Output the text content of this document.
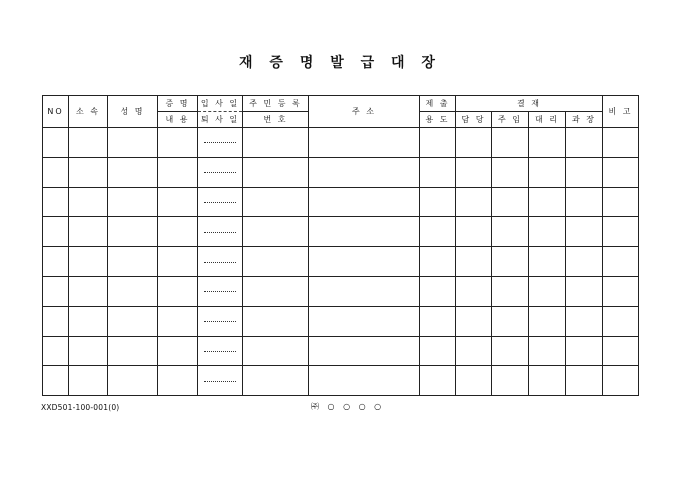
재 증 명 발 급 대 장
NO	소 속	성 명	증 명	입 사 일	주 민 등 록	주 소	제 출	결 재				비 고
			내 용	퇴 사 일	번 호		용 도	담 당	주 임	대 리	과 장	

XXD501-100-001(0)	㈜ ○ ○ ○ ○
